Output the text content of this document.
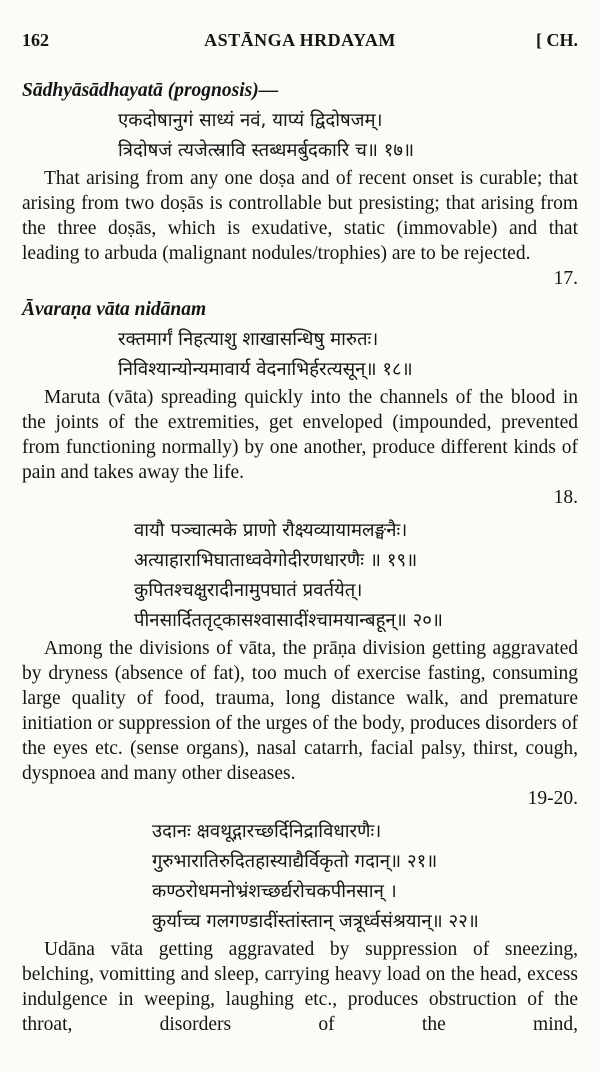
162	ASTĀNGA HRDAYAM	[ CH.
Sādhyāsādhayatā (prognosis)—

एकदोषानुगं साध्यं नवं, याप्यं द्विदोषजम्।

त्रिदोषजं त्यजेत्स्रावि स्तब्धमर्बुदकारि च॥ १७॥

That arising from any one doṣa and of recent onset is curable; that arising from two doṣās is controllable but presisting; that arising from the three doṣās, which is exudative, static (immovable) and that leading to arbuda (malignant nodules/trophies) are to be rejected.

17.
Āvaraṇa vāta nidānam

रक्तमार्गं निहत्याशु शाखासन्धिषु मारुतः।

निविश्यान्योन्यमावार्य वेदनाभिर्हरत्यसून्॥ १८॥

Maruta (vāta) spreading quickly into the channels of the blood in the joints of the extremities, get enveloped (impounded, prevented from functioning normally) by one another, produce different kinds of pain and takes away the life.

18.

वायौ पञ्चात्मके प्राणो रौक्ष्यव्यायामलङ्घनैः।

अत्याहाराभिघाताध्ववेगोदीरणधारणैः ॥ १९॥

कुपितश्चक्षुरादीनामुपघातं प्रवर्तयेत्।

पीनसार्दिततृट्कासश्वासादींश्चामयान्बहून्॥ २०॥

Among the divisions of vāta, the prāṇa division getting aggravated by dryness (absence of fat), too much of exercise fasting, consuming large quality of food, trauma, long distance walk, and premature initiation or suppression of the urges of the body, produces disorders of the eyes etc. (sense organs), nasal catarrh, facial palsy, thirst, cough, dyspnoea and many other diseases.

19-20.

उदानः क्षवथूद्गारच्छर्दिनिद्राविधारणैः।

गुरुभारातिरुदितहास्याद्यैर्विकृतो गदान्॥ २१॥

कण्ठरोधमनोभ्रंशच्छर्द्यरोचकपीनसान् ।

कुर्याच्च गलगण्डादींस्तांस्तान् जत्रूर्ध्वसंश्रयान्॥ २२॥

Udāna vāta getting aggravated by suppression of sneezing, belching, vomitting and sleep, carrying heavy load on the head, excess indulgence in weeping, laughing etc., produces obstruction of the throat, disorders of the mind,
